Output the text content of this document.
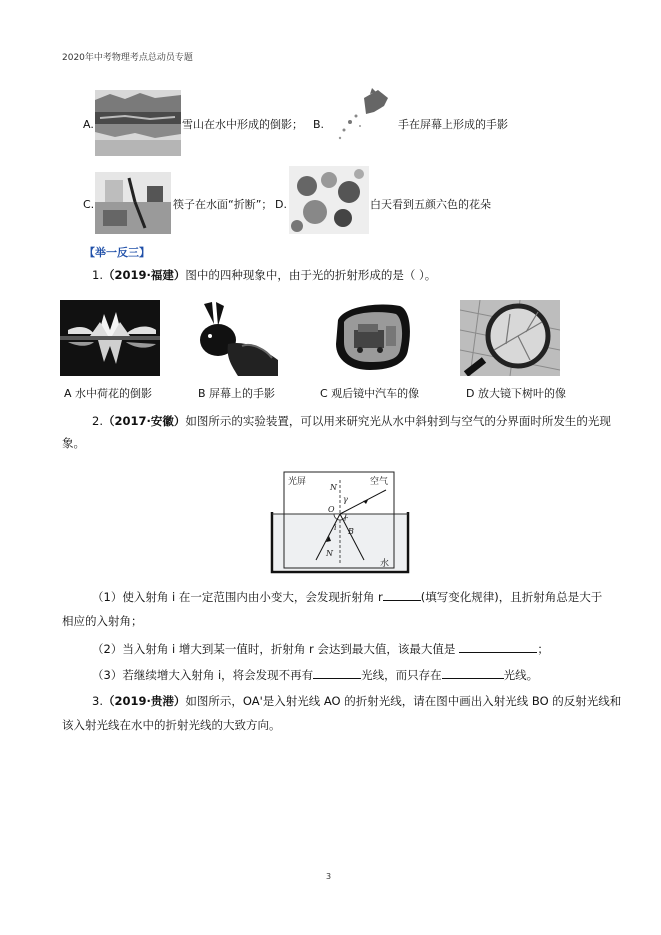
2020年中考物理考点总动员专题
A.	雪山在水中形成的倒影； B.	手在屏幕上形成的手影
C.	筷子在水面“折断”； D.	白天看到五颜六色的花朵
【举一反三】
1.（2019·福建）图中的四种现象中，由于光的折射形成的是（ ）。
A 水中荷花的倒影	B 屏幕上的手影	C 观后镜中汽车的像	D 放大镜下树叶的像
2.（2017·安徽）如图所示的实验装置，可以用来研究光从水中斜射到与空气的分界面时所发生的光现
象。
光屏	空气
水
N
N
O
γ
i
r
B
（1）使入射角 i 在一定范围内由小变大，会发现折射角 r	(填写变化规律)，且折射角总是大于
相应的入射角；
（2）当入射角 i 增大到某一值时，折射角 r 会达到最大值，该最大值是	；
（3）若继续增大入射角 i，将会发现不再有	光线，而只存在	光线。
3.（2019·贵港）如图所示，OA'是入射光线 AO 的折射光线，请在图中画出入射光线 BO 的反射光线和
该入射光线在水中的折射光线的大致方向。
3
